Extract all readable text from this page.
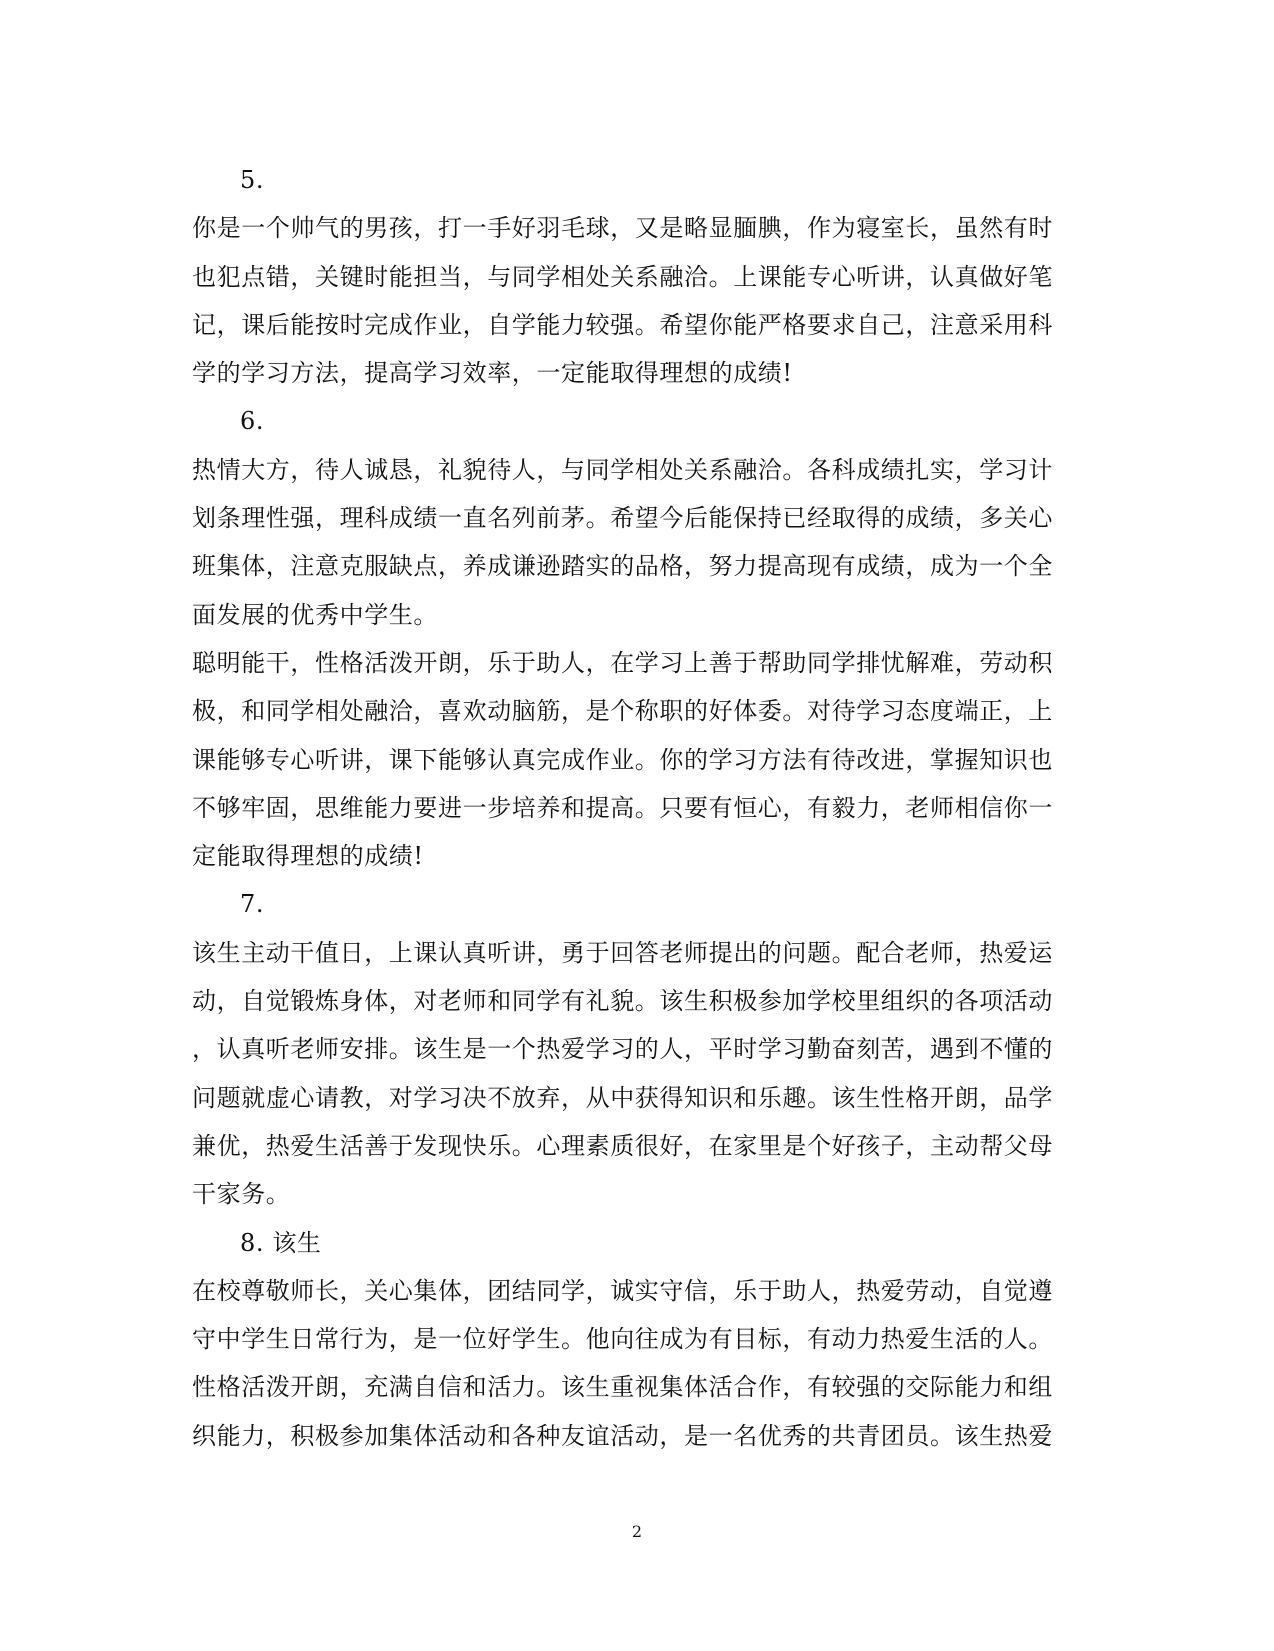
5.
你是一个帅气的男孩，打一手好羽毛球，又是略显腼腆，作为寝室长，虽然有时
也犯点错，关键时能担当，与同学相处关系融洽。上课能专心听讲，认真做好笔
记，课后能按时完成作业，自学能力较强。希望你能严格要求自己，注意采用科
学的学习方法，提高学习效率，一定能取得理想的成绩!
6.
热情大方，待人诚恳，礼貌待人，与同学相处关系融洽。各科成绩扎实，学习计
划条理性强，理科成绩一直名列前茅。希望今后能保持已经取得的成绩，多关心
班集体，注意克服缺点，养成谦逊踏实的品格，努力提高现有成绩，成为一个全
面发展的优秀中学生。
聪明能干，性格活泼开朗，乐于助人，在学习上善于帮助同学排忧解难，劳动积
极，和同学相处融洽，喜欢动脑筋，是个称职的好体委。对待学习态度端正，上
课能够专心听讲，课下能够认真完成作业。你的学习方法有待改进，掌握知识也
不够牢固，思维能力要进一步培养和提高。只要有恒心，有毅力，老师相信你一
定能取得理想的成绩!
7.
该生主动干值日，上课认真听讲，勇于回答老师提出的问题。配合老师，热爱运
动，自觉锻炼身体，对老师和同学有礼貌。该生积极参加学校里组织的各项活动
，认真听老师安排。该生是一个热爱学习的人，平时学习勤奋刻苦，遇到不懂的
问题就虚心请教，对学习决不放弃，从中获得知识和乐趣。该生性格开朗，品学
兼优，热爱生活善于发现快乐。心理素质很好，在家里是个好孩子，主动帮父母
干家务。
8. 该生
在校尊敬师长，关心集体，团结同学，诚实守信，乐于助人，热爱劳动，自觉遵
守中学生日常行为，是一位好学生。他向往成为有目标，有动力热爱生活的人。
性格活泼开朗，充满自信和活力。该生重视集体活合作，有较强的交际能力和组
织能力，积极参加集体活动和各种友谊活动，是一名优秀的共青团员。该生热爱
2
